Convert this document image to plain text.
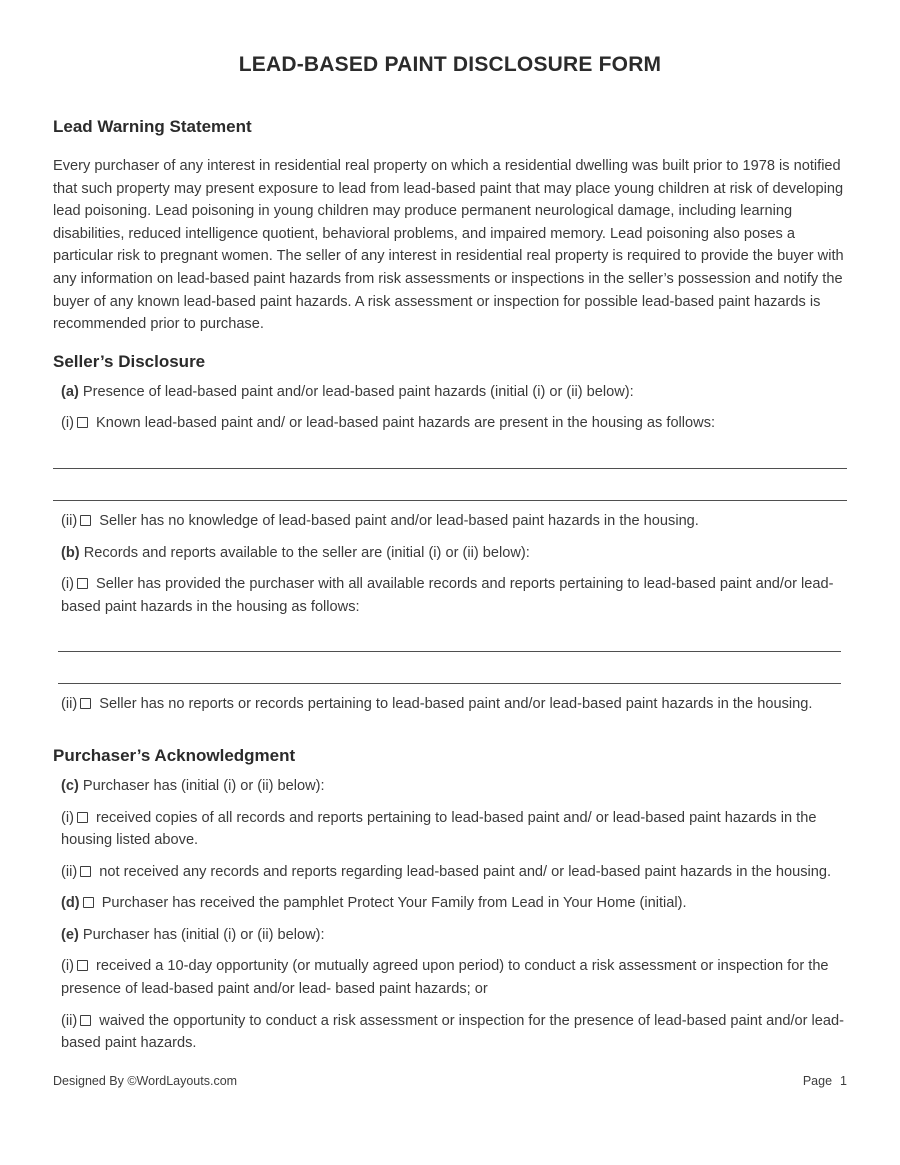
LEAD-BASED PAINT DISCLOSURE FORM
Lead Warning Statement

Every purchaser of any interest in residential real property on which a residential dwelling was built prior to 1978 is notified that such property may present exposure to lead from lead-based paint that may place young children at risk of developing lead poisoning. Lead poisoning in young children may produce permanent neurological damage, including learning disabilities, reduced intelligence quotient, behavioral problems, and impaired memory. Lead poisoning also poses a particular risk to pregnant women. The seller of any interest in residential real property is required to provide the buyer with any information on lead-based paint hazards from risk assessments or inspections in the seller’s possession and notify the buyer of any known lead-based paint hazards. A risk assessment or inspection for possible lead-based paint hazards is recommended prior to purchase.

Seller’s Disclosure

(a) Presence of lead-based paint and/or lead-based paint hazards (initial (i) or (ii) below):

(i) Known lead-based paint and/ or lead-based paint hazards are present in the housing as follows:

(ii) Seller has no knowledge of lead-based paint and/or lead-based paint hazards in the housing.

(b) Records and reports available to the seller are (initial (i) or (ii) below):

(i) Seller has provided the purchaser with all available records and reports pertaining to lead-based paint and/or lead-based paint hazards in the housing as follows:

(ii) Seller has no reports or records pertaining to lead-based paint and/or lead-based paint hazards in the housing.

Purchaser’s Acknowledgment

(c) Purchaser has (initial (i) or (ii) below):

(i) received copies of all records and reports pertaining to lead-based paint and/ or lead-based paint hazards in the housing listed above.

(ii) not received any records and reports regarding lead-based paint and/ or lead-based paint hazards in the housing.

(d) Purchaser has received the pamphlet Protect Your Family from Lead in Your Home (initial).

(e) Purchaser has (initial (i) or (ii) below):

(i) received a 10-day opportunity (or mutually agreed upon period) to conduct a risk assessment or inspection for the presence of lead-based paint and/or lead- based paint hazards; or

(ii) waived the opportunity to conduct a risk assessment or inspection for the presence of lead-based paint and/or lead-based paint hazards.

Designed By ©WordLayouts.com	Page 1
